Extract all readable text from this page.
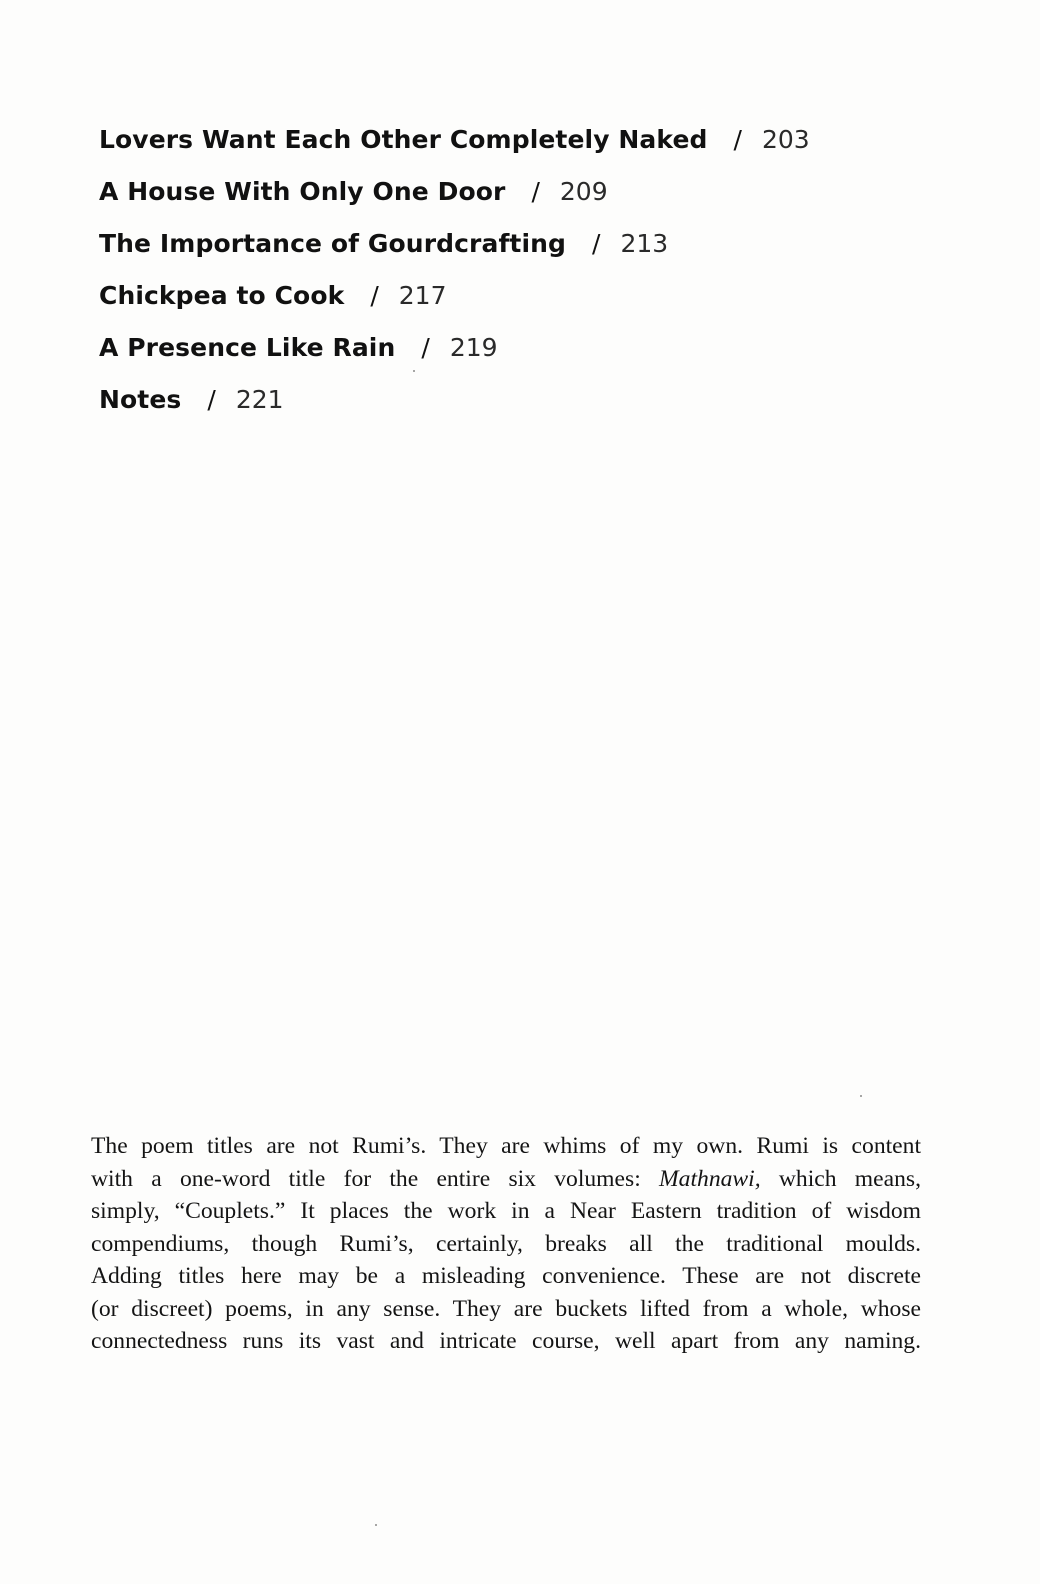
Lovers Want Each Other Completely Naked / 203
A House With Only One Door / 209
The Importance of Gourdcrafting / 213
Chickpea to Cook / 217
A Presence Like Rain / 219
Notes / 221
The poem titles are not Rumi’s. They are whims of my own. Rumi is content
with a one-word title for the entire six volumes: Mathnawi, which means,
simply, “Couplets.” It places the work in a Near Eastern tradition of wisdom
compendiums, though Rumi’s, certainly, breaks all the traditional moulds.
Adding titles here may be a misleading convenience. These are not discrete
(or discreet) poems, in any sense. They are buckets lifted from a whole, whose
connectedness runs its vast and intricate course, well apart from any naming.
